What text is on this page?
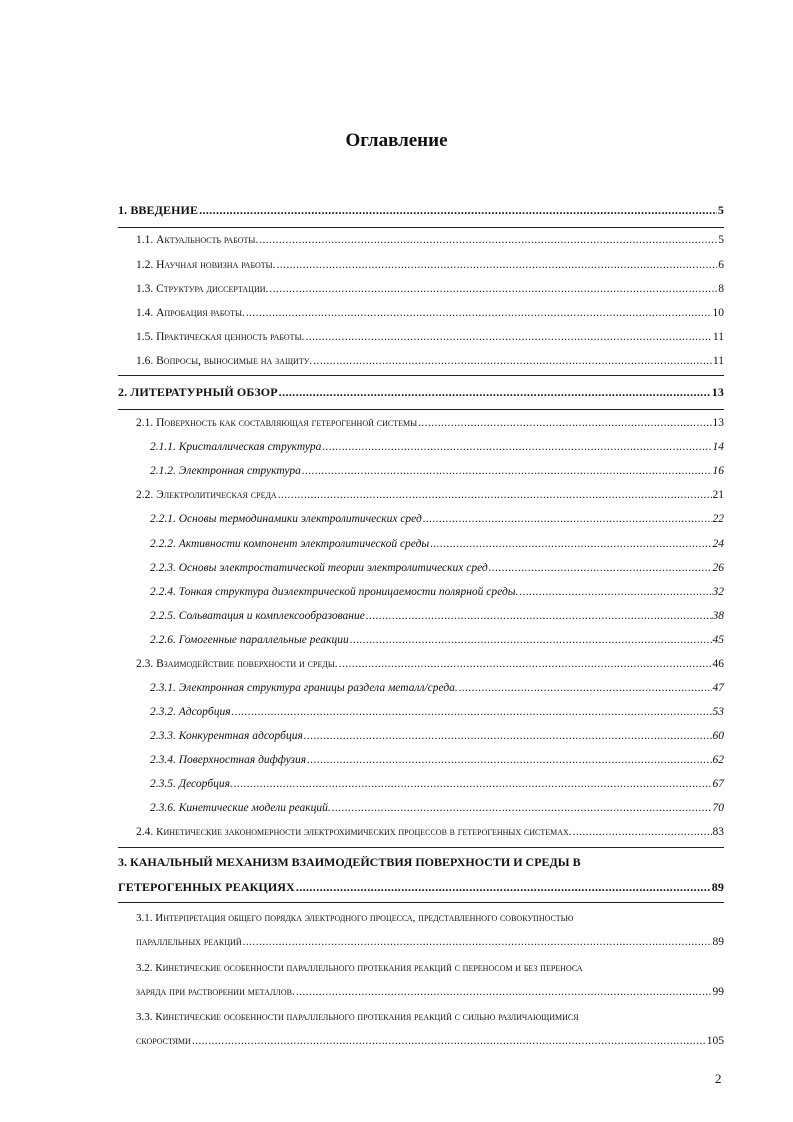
Оглавление
1. ВВЕДЕНИЕ .....	5
1.1. Актуальность работы. .....	5
1.2. Научная новизна работы. .....	6
1.3. Структура диссертации. .....	8
1.4. Апробация работы. .....	10
1.5. Практическая ценность работы. .....	11
1.6. Вопросы, выносимые на защиту. .....	11
2. ЛИТЕРАТУРНЫЙ ОБЗОР .....	13
2.1. Поверхность как составляющая гетерогенной системы .....	13
2.1.1. Кристаллическая структура .....	14
2.1.2. Электронная структура .....	16
2.2. Электролитическая среда .....	21
2.2.1. Основы термодинамики электролитических сред .....	22
2.2.2. Активности компонент электролитической среды .....	24
2.2.3. Основы электростатической теории электролитических сред .....	26
2.2.4. Тонкая структура диэлектрической проницаемости полярной среды. .....	32
2.2.5. Сольватация и комплексообразование .....	38
2.2.6. Гомогенные параллельные реакции .....	45
2.3. Взаимодействие поверхности и среды. .....	46
2.3.1. Электронная структура границы раздела металл/среда. .....	47
2.3.2. Адсорбция .....	53
2.3.3. Конкурентная адсорбция .....	60
2.3.4. Поверхностная диффузия .....	62
2.3.5. Десорбция. .....	67
2.3.6. Кинетические модели реакций. .....	70
2.4. Кинетические закономерности электрохимических процессов в гетерогенных системах. .....	83
3. КАНАЛЬНЫЙ МЕХАНИЗМ ВЗАИМОДЕЙСТВИЯ ПОВЕРХНОСТИ И СРЕДЫ В
ГЕТЕРОГЕННЫХ РЕАКЦИЯХ .....	89
3.1. Интерпретация общего порядка электродного процесса, представленного совокупностью
параллельных реакций .....	89
3.2. Кинетические особенности параллельного протекания реакций с переносом и без переноса
заряда при растворении металлов. .....	99
3.3. Кинетические особенности параллельного протекания реакций с сильно различающимися
скоростями .....	105
2
